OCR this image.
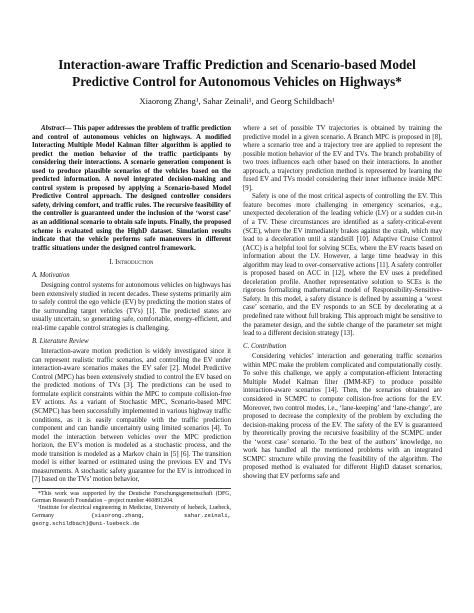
Interaction-aware Traffic Prediction and Scenario-based Model
Predictive Control for Autonomous Vehicles on Highways*
Xiaorong Zhang¹, Sahar Zeinali¹, and Georg Schildbach¹

Abstract— This paper addresses the problem of traffic prediction and control of autonomous vehicles on highways. A modified Interacting Multiple Model Kalman filter algorithm is applied to predict the motion behavior of the traffic participants by considering their interactions. A scenario generation component is used to produce plausible scenarios of the vehicles based on the predicted information. A novel integrated decision-making and control system is proposed by applying a Scenario-based Model Predictive Control approach. The designed controller considers safety, driving comfort, and traffic rules. The recursive feasibility of the controller is guaranteed under the inclusion of the ‘worst case’ as an additional scenario to obtain safe inputs. Finally, the proposed scheme is evaluated using the HighD dataset. Simulation results indicate that the vehicle performs safe maneuvers in different traffic situations under the designed control framework.

I. Introduction
A. Motivation

Designing control systems for autonomous vehicles on highways has been extensively studied in recent decades. These systems primarily aim to safely control the ego vehicle (EV) by predicting the motion states of the surrounding target vehicles (TVs) [1]. The predicted states are usually uncertain, so generating safe, comfortable, energy-efficient, and real-time capable control strategies is challenging.

B. Literature Review

Interaction-aware motion prediction is widely investigated since it can represent realistic traffic scenarios, and controlling the EV under interaction-aware scenarios makes the EV safer [2]. Model Predictive Control (MPC) has been extensively studied to control the EV based on the predicted motions of TVs [3]. The predictions can be used to formulate explicit constraints within the MPC to compute collision-free EV actions. As a variant of Stochastic MPC, Scenario-based MPC (SCMPC) has been successfully implemented in various highway traffic conditions, as it is easily compatible with the traffic prediction component and can handle uncertainty using limited scenarios [4]. To model the interaction between vehicles over the MPC prediction horizon, the EV’s motion is modeled as a stochastic process, and the mode transition is modeled as a Markov chain in [5] [6]. The transition model is either learned or estimated using the previous EV and TVs measurements. A stochastic safety guarantee for the EV is introduced in [7] based on the TVs’ motion behavior,

*This work was supported by the Deutsche Forschungsgemeinschaft (DFG, German Research Foundation – project number 460891204.

¹Institute for electrical engineering in Medicine, University of luebeck, Luebeck, Germany	{xiaorong.zhang, sahar.zeinali, georg.schildbach}@uni-luebeck.de

where a set of possible TV trajectories is obtained by training the predictive model in a given scenario. A Branch MPC is proposed in [8], where a scenario tree and a trajectory tree are applied to represent the possible motion behavior of the EV and TVs. The branch probability of two trees influences each other based on their interactions. In another approach, a trajectory prediction method is represented by learning the fused EV and TVs model considering their inner influence inside MPC [9].

Safety is one of the most critical aspects of controlling the EV. This feature becomes more challenging in emergency scenarios, e.g., unexpected deceleration of the leading vehicle (LV) or a sudden cut-in of a TV. These circumstances are identified as a safety-critical-event (SCE), where the EV immediately brakes against the crash, which may lead to a deceleration until a standstill [10]. Adaptive Cruise Control (ACC) is a helpful tool for solving SCEs, where the EV reacts based on information about the LV. However, a large time headway in this algorithm may lead to over-conservative actions [11]. A safety controller is proposed based on ACC in [12], where the EV uses a predefined deceleration profile. Another representative solution to SCEs is the rigorous formalizing mathematical model of Responsibility-Sensitive-Safety. In this model, a safety distance is defined by assuming a ‘worst case’ scenario, and the EV responds to an SCE by decelerating at a predefined rate without full braking. This approach might be sensitive to the parameter design, and the subtle change of the parameter set might lead to a different decision strategy [13].

C. Contribution

Considering vehicles’ interaction and generating traffic scenarios within MPC make the problem complicated and computationally costly. To solve this challenge, we apply a computation-efficient Interacting Multiple Model Kalman filter (IMM-KF) to produce possible interaction-aware scenarios [14]. Then, the scenarios obtained are considered in SCMPC to compute collision-free actions for the EV. Moreover, two control modes, i.e., ‘lane-keeping’ and ‘lane-change’, are proposed to decrease the complexity of the problem by excluding the decision-making process of the EV. The safety of the EV is guaranteed by theoretically proving the recursive feasibility of the SCMPC under the ‘worst case’ scenario. To the best of the authors’ knowledge, no work has handled all the mentioned problems with an integrated SCMPC structure while proving the feasibility of the algorithm. The proposed method is evaluated for different HighD dataset scenarios, showing that EV performs safe and
